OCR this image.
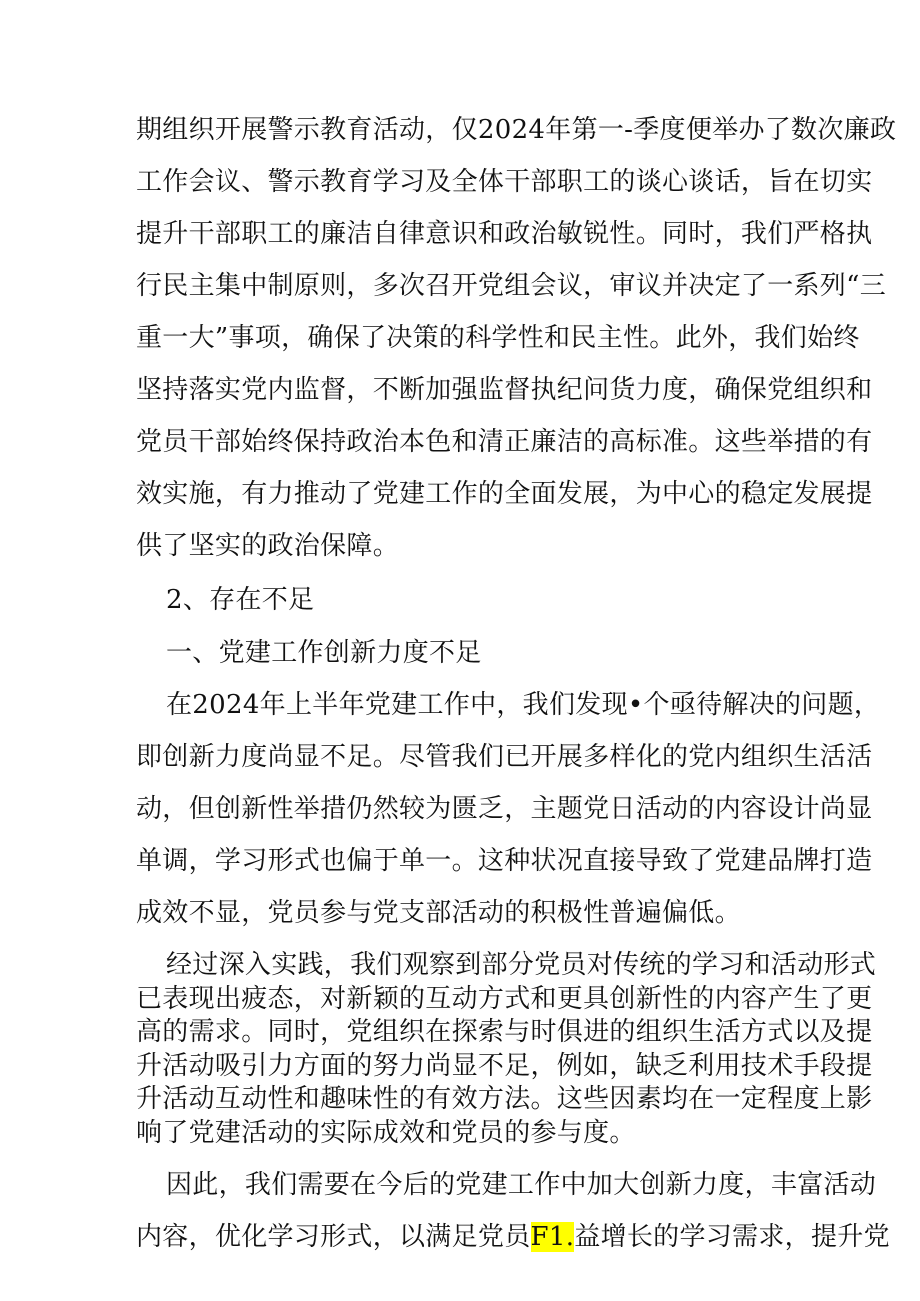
期组织开展警示教育活动，仅2024年第一-季度便举办了数次廉政
工作会议、警示教育学习及全体干部职工的谈心谈话，旨在切实
提升干部职工的廉洁自律意识和政治敏锐性。同时，我们严格执
行民主集中制原则，多次召开党组会议，审议并决定了一系列“三
重一大”事项，确保了决策的科学性和民主性。此外，我们始终
坚持落实党内监督，不断加强监督执纪问货力度，确保党组织和
党员干部始终保持政治本色和清正廉洁的高标准。这些举措的有
效实施，有力推动了党建工作的全面发展，为中心的稳定发展提
供了坚实的政治保障。
2、存在不足
一、党建工作创新力度不足
在2024年上半年党建工作中，我们发现•个亟待解决的问题，
即创新力度尚显不足。尽管我们已开展多样化的党内组织生活活
动，但创新性举措仍然较为匮乏，主题党日活动的内容设计尚显
单调，学习形式也偏于单一。这种状况直接导致了党建品牌打造
成效不显，党员参与党支部活动的积极性普遍偏低。
经过深入实践，我们观察到部分党员对传统的学习和活动形式
已表现出疲态，对新颖的互动方式和更具创新性的内容产生了更
高的需求。同时，党组织在探索与时俱进的组织生活方式以及提
升活动吸引力方面的努力尚显不足，例如，缺乏利用技术手段提
升活动互动性和趣味性的有效方法。这些因素均在一定程度上影
响了党建活动的实际成效和党员的参与度。
因此，我们需要在今后的党建工作中加大创新力度，丰富活动
内容，优化学习形式，以满足党员F1.益增长的学习需求，提升党
